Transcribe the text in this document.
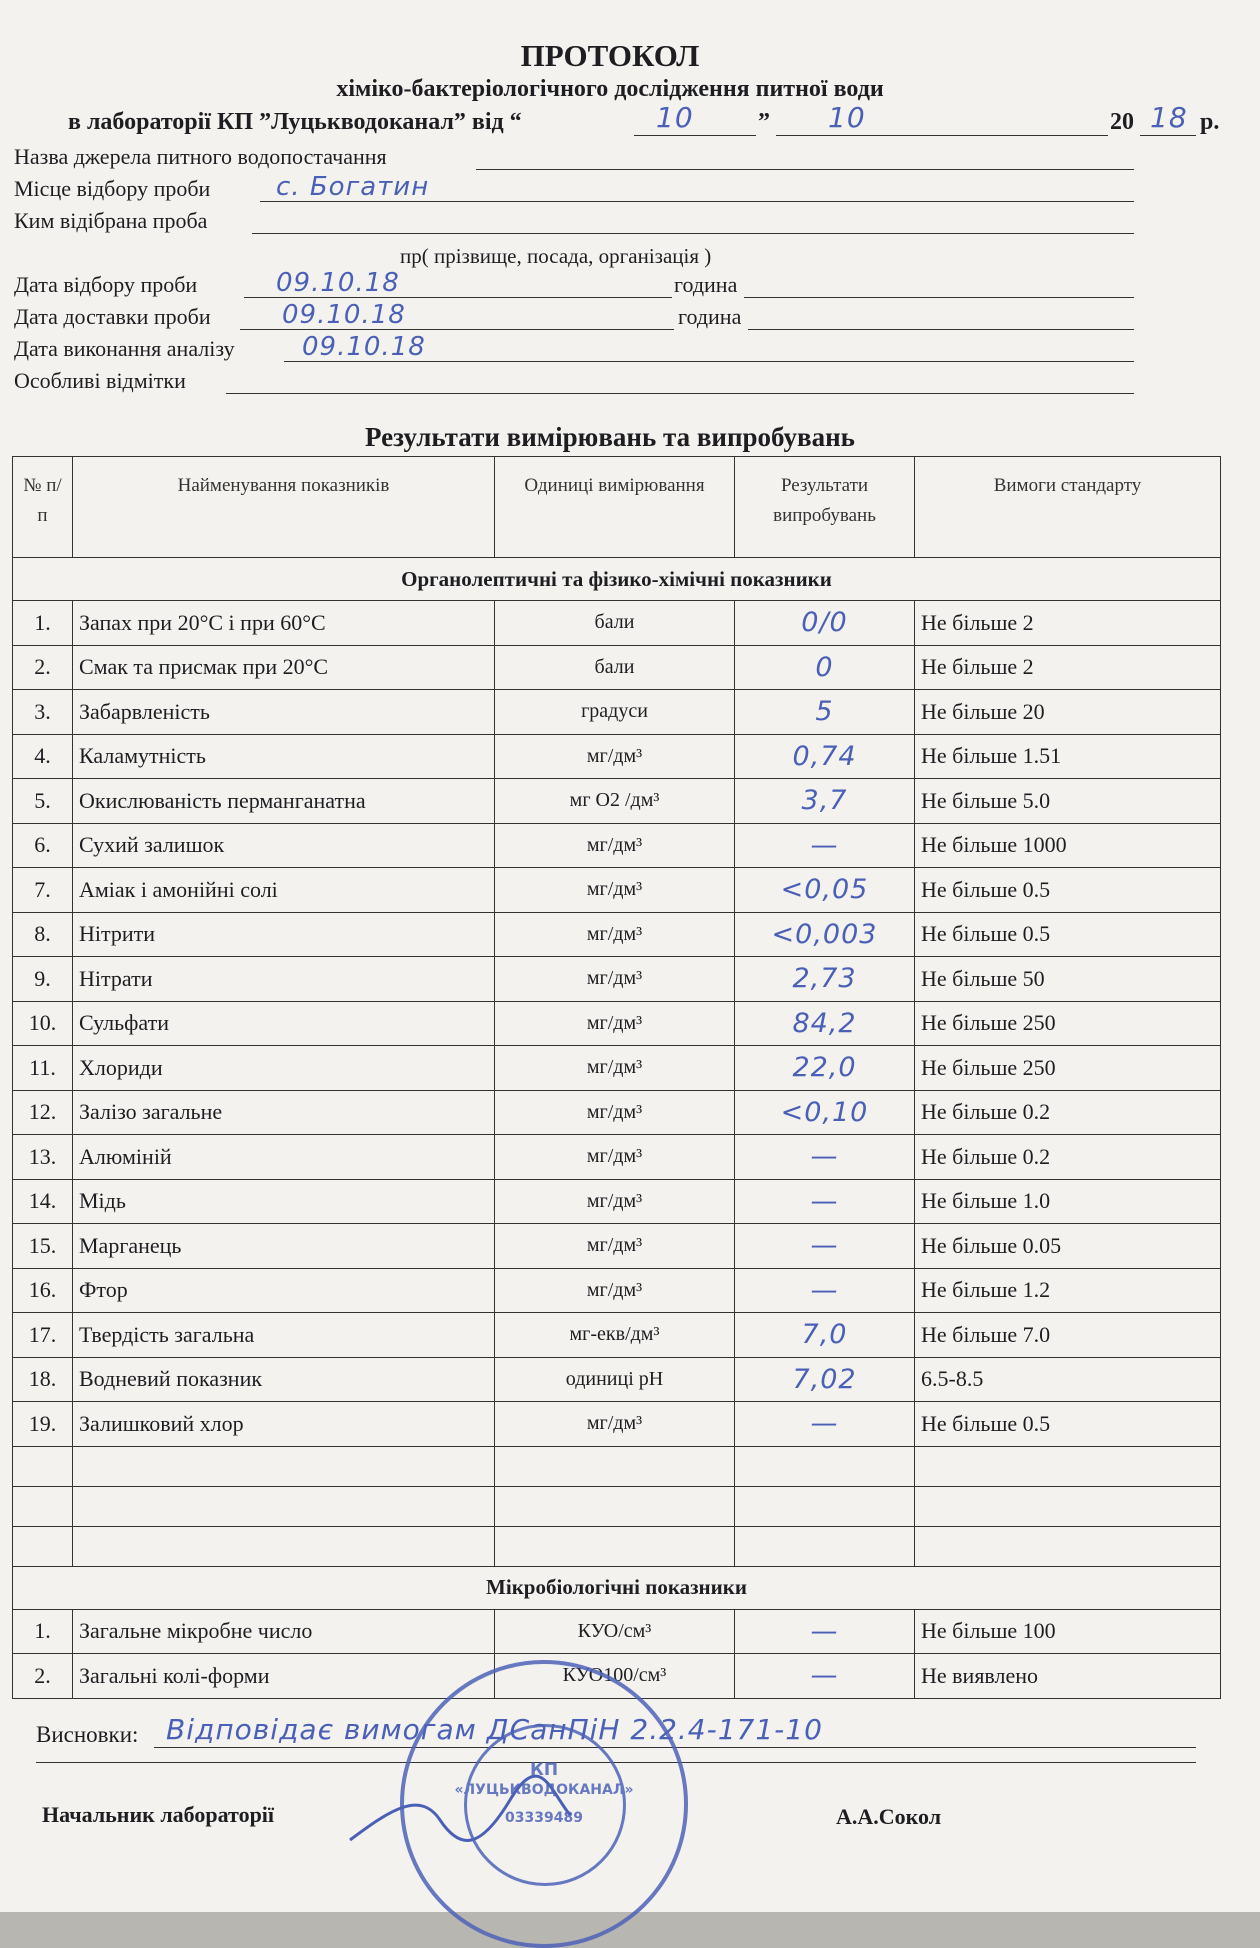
ПРОТОКОЛ
хіміко-бактеріологічного дослідження питної води
в лабораторії КП ”Луцькводоканал” від “	10	” 10	20 18 р.
Назва джерела питного водопостачання
Місце відбору проби	с. Богатин
Ким відібрана проба
пр( прізвище, посада, організація )
Дата відбору проби	09.10.18	година
Дата доставки проби	09.10.18	година
Дата виконання аналізу	09.10.18
Особливі відмітки
Результати вимірювань та випробувань
№ п/п	Найменування показників	Одиниці вимірювання	Результати випробувань	Вимоги стандарту
Органолептичні та фізико-хімічні показники				
1.	Запах при 20°С і при 60°С	бали	0/0	Не більше 2
2.	Смак та присмак при 20°С	бали	0	Не більше 2
3.	Забарвленість	градуси	5	Не більше 20
4.	Каламутність	мг/дм³	0,74	Не більше 1.51
5.	Окислюваність перманганатна	мг О2 /дм³	3,7	Не більше 5.0
6.	Сухий залишок	мг/дм³	—	Не більше 1000
7.	Аміак і амонійні солі	мг/дм³	<0,05	Не більше 0.5
8.	Нітрити	мг/дм³	<0,003	Не більше 0.5
9.	Нітрати	мг/дм³	2,73	Не більше 50
10.	Сульфати	мг/дм³	84,2	Не більше 250
11.	Хлориди	мг/дм³	22,0	Не більше 250
12.	Залізо загальне	мг/дм³	<0,10	Не більше 0.2
13.	Алюміній	мг/дм³	—	Не більше 0.2
14.	Мідь	мг/дм³	—	Не більше 1.0
15.	Марганець	мг/дм³	—	Не більше 0.05
16.	Фтор	мг/дм³	—	Не більше 1.2
17.	Твердість загальна	мг-екв/дм³	7,0	Не більше 7.0
18.	Водневий показник	одиниці рН	7,02	6.5-8.5
19.	Залишковий хлор	мг/дм³	—	Не більше 0.5

Мікробіологічні показники				
1.	Загальне мікробне число	КУО/см³	—	Не більше 100
2.	Загальні колі-форми	КУО100/см³	—	Не виявлено
Висновки: Відповідає вимогам ДСанПіН 2.2.4-171-10
Начальник лабораторії	А.А.Сокол
КП
«ЛУЦЬКВОДОКАНАЛ»
03339489
